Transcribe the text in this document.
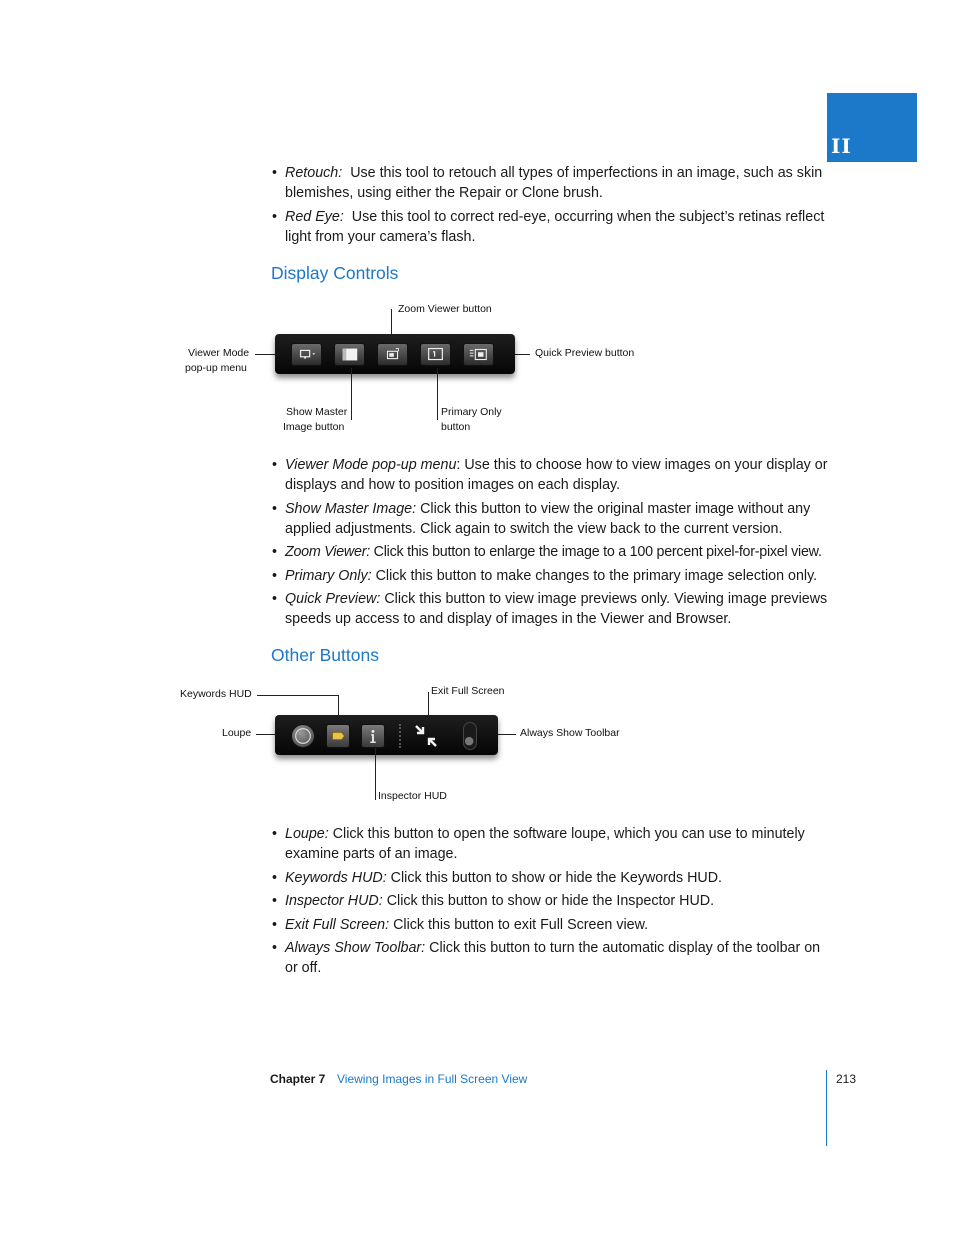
II
• Retouch: Use this tool to retouch all types of imperfections in an image, such as skin blemishes, using either the Repair or Clone brush.
• Red Eye: Use this tool to correct red-eye, occurring when the subject’s retinas reflect light from your camera’s flash.
Display Controls
Zoom Viewer button
Viewer Mode
pop-up menu
Quick Preview button
Show Master
Image button
Primary Only
button
• Viewer Mode pop-up menu: Use this to choose how to view images on your display or displays and how to position images on each display.
• Show Master Image: Click this button to view the original master image without any applied adjustments. Click again to switch the view back to the current version.
• Zoom Viewer: Click this button to enlarge the image to a 100 percent pixel-for-pixel view.
• Primary Only: Click this button to make changes to the primary image selection only.
• Quick Preview: Click this button to view image previews only. Viewing image previews speeds up access to and display of images in the Viewer and Browser.
Other Buttons
Keywords HUD	Exit Full Screen
Loupe	Always Show Toolbar
Inspector HUD
• Loupe: Click this button to open the software loupe, which you can use to minutely examine parts of an image.
• Keywords HUD: Click this button to show or hide the Keywords HUD.
• Inspector HUD: Click this button to show or hide the Inspector HUD.
• Exit Full Screen: Click this button to exit Full Screen view.
• Always Show Toolbar: Click this button to turn the automatic display of the toolbar on or off.
Chapter 7 Viewing Images in Full Screen View	213
